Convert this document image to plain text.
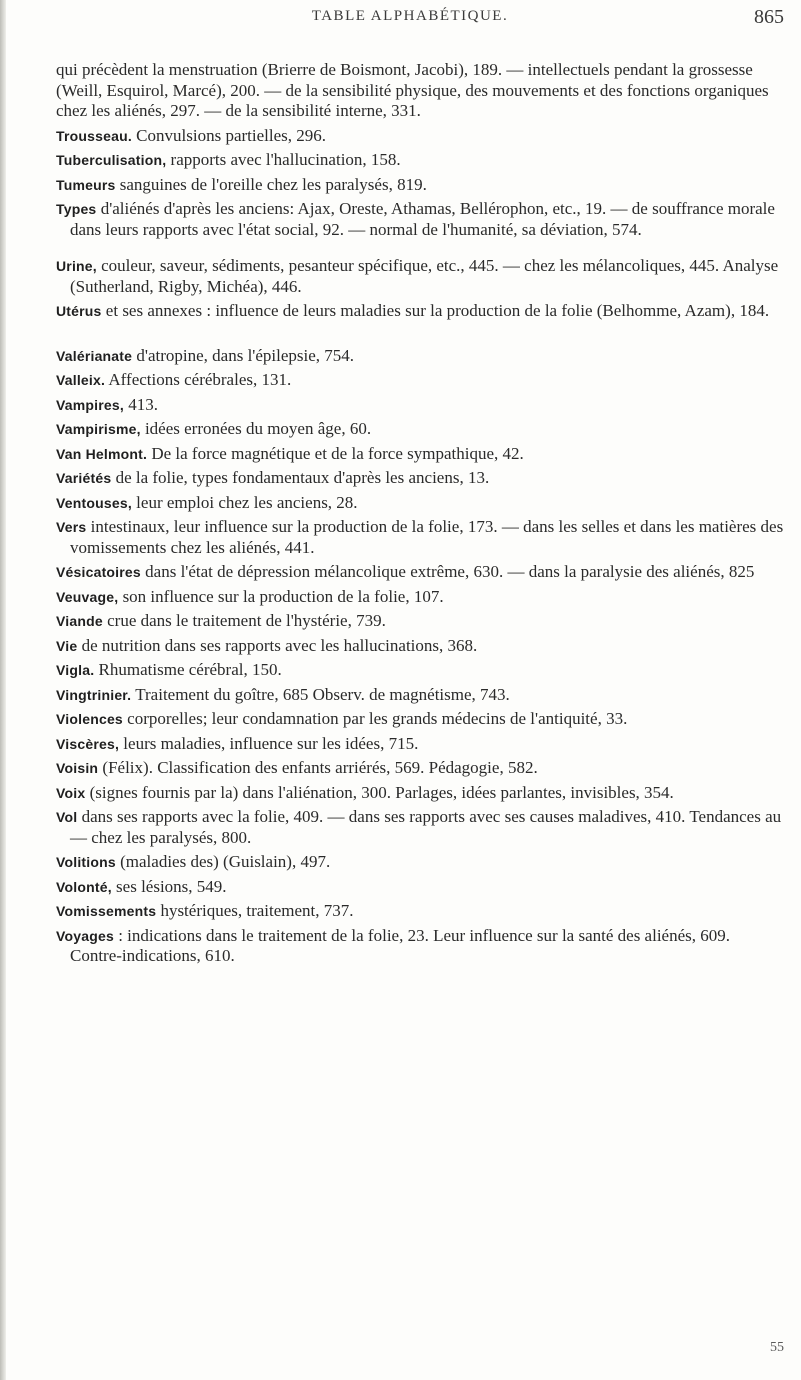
TABLE ALPHABÉTIQUE.	865

qui précèdent la menstruation (Brierre de Boismont, Jacobi), 189. — intellectuels pendant la grossesse (Weill, Esquirol, Marcé), 200. — de la sensibilité physique, des mouvements et des fonctions organiques chez les aliénés, 297. — de la sensibilité interne, 331.

Trousseau. Convulsions partielles, 296.

Tuberculisation, rapports avec l'hallucination, 158.

Tumeurs sanguines de l'oreille chez les paralysés, 819.

Types d'aliénés d'après les anciens: Ajax, Oreste, Athamas, Bellérophon, etc., 19. — de souffrance morale dans leurs rapports avec l'état social, 92. — normal de l'humanité, sa déviation, 574.

Urine, couleur, saveur, sédiments, pesanteur spécifique, etc., 445. — chez les mélancoliques, 445. Analyse (Sutherland, Rigby, Michéa), 446.

Utérus et ses annexes : influence de leurs maladies sur la production de la folie (Belhomme, Azam), 184.

Valérianate d'atropine, dans l'épilepsie, 754.

Valleix. Affections cérébrales, 131.

Vampires, 413.

Vampirisme, idées erronées du moyen âge, 60.

Van Helmont. De la force magnétique et de la force sympathique, 42.

Variétés de la folie, types fondamentaux d'après les anciens, 13.

Ventouses, leur emploi chez les anciens, 28.

Vers intestinaux, leur influence sur la production de la folie, 173. — dans les selles et dans les matières des vomissements chez les aliénés, 441.

Vésicatoires dans l'état de dépression mélancolique extrême, 630. — dans la paralysie des aliénés, 825

Veuvage, son influence sur la production de la folie, 107.

Viande crue dans le traitement de l'hystérie, 739.

Vie de nutrition dans ses rapports avec les hallucinations, 368.

Vigla. Rhumatisme cérébral, 150.

Vingtrinier. Traitement du goître, 685 Observ. de magnétisme, 743.

Violences corporelles; leur condamnation par les grands médecins de l'antiquité, 33.

Viscères, leurs maladies, influence sur les idées, 715.

Voisin (Félix). Classification des enfants arriérés, 569. Pédagogie, 582.

Voix (signes fournis par la) dans l'aliénation, 300. Parlages, idées parlantes, invisibles, 354.

Vol dans ses rapports avec la folie, 409. — dans ses rapports avec ses causes maladives, 410. Tendances au — chez les paralysés, 800.

Volitions (maladies des) (Guislain), 497.

Volonté, ses lésions, 549.

Vomissements hystériques, traitement, 737.

Voyages : indications dans le traitement de la folie, 23. Leur influence sur la santé des aliénés, 609. Contre-indications, 610.

55
